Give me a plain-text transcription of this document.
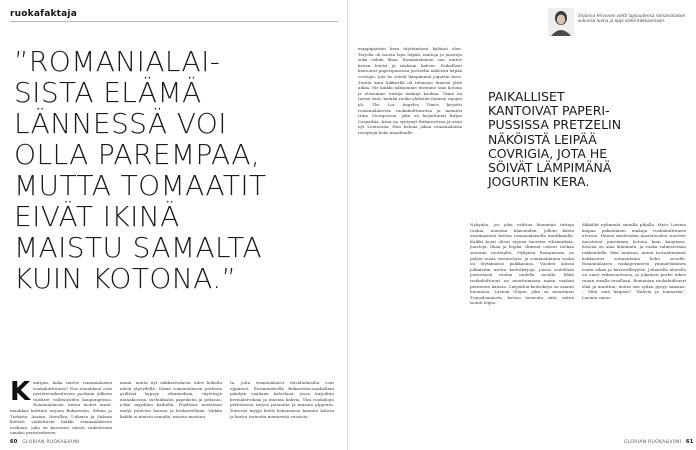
ruokafaktaja
”ROMANIALAI-
SISTA ELÄMÄ
LÄNNESSÄ VOI
OLLA PAREMPAA,
MUTTA TOMAATIT
EIVÄT IKINÄ
MAISTU SAMALTA
KUIN KOTONA.”
K äärijiin, kuka tuntee romanialaisen ruokakulttuurin? Nuo ennakkoat ovat perinteenikuuluvien parhaan jälkeen tulokset vallitsijoiden kaupungeissa. Romanialaisen, kuten monet muut, maukkaa keittiöä tarjoaa Bukarestin, Sibiun ja Turkista. Aasian, Itävallan, Unkarin ja Saksan keittiöt vaikuttavat kaikki romanialaiseen ruokaan, joka on kasvanut näistä vaikutteista omaksi perinteekseen.
maan, mutta nyt näkkarivalasta tulee kokeilu niistä ylpeydellä. Nämä romanialaisen perheen grillissä kypsyy vihanneksia, täytettyjä munakoisoja, mehukkaita paprikoita ja pekonia, jotka myydään kaduilla. Pöydässä nostetaan malja ystävien kanssa ja keskustellaan. Vaikka kaikki ei maistu samalta, muisto maistuu.
ta, joita romanialaiset itävaltalaisilta ovat oppineet. Ensimmäisellä Bukarestin-matkallani päädyin vanhaan kahvilaan, jossa tarjoiltiin kermaleivoksia ja mustaa kahvia. Yksi ruokakoju perheineen tarjosi pirsnoita ja mustaa pippuria. Toisessa myyjä keitti kokonaisen kannun kahvia ja kertoi tarinoita menneistä vuosista.
60 GLORIAN RUOKA&VIINI
Sirjanna Hirvonen vietti lapsuutensa romanialaisen sukunsa luona ja oppi siellä kokkaamaan.
mappipäiväin kera täyttämässä kylässä olen. Tarjolla oli monta lajia leipää, maitoja ja juustoja sekä vähän lihaa. Romanialainen suu tuntee kovan leivän ja makean kahvin. Paikalliset kantoivat paperipussissa pretzelin näköistä leipää covrigia, jota he söivät lämpimänä jogurtin kera. Tuntui kuin liikkeellä oli tuhansia ihmisiä yhtä aikaa. Me kaikki näkisimme itsemme taas kotona ja etsisimme tuttuja makuja kaukaa. Tämä on tarina siitä, kuinka ruoka yhdistää ihmisiä rajojen yli. The Los Angeles Times kirjoitti romanialaisesta ruokakulttuurista ja mainitsi Irina Georgescun, joka on kirjoittanut kirjan Carpathia. Irina on syntynyt Bukarestissa ja asuu nyt Lontoossa. Hän haluaa jakaa romanialaisia reseptejä koko maailmalle.
PAIKALLISET
KANTOIVAT PAPERI-
PUSSISSA PRETZELIN
NÄKÖISTÄ LEIPÄÄ
COVRIGIA, JOTA HE
SÖIVÄT LÄMPIMÄNÄ
JOGURTIN KERA.
Nykyään, jos joku valittaa liiemmän tuttuja ruokia, muistan tilaisuuden, jolloin kävin ensimmäistä kertaa romanialaisella markkinalla. Kaikki kojut olivat täynnä tuoreita vihanneksia, juustoja, lihaa ja leipää. Ihmiset ostivat ruokaa suoraan tuottajilta. Nykyisin Romaniassa on paljon uusia ravintoloita, ja romanialainen ruoka on löytämässä paikkaansa. Vuoden alussa julkaistiin useita keittokirjoja, joissa esitellään perinteisiä ruokia uudella tavalla. Ehkä ruokakulttuuri on muuttumassa maan vanhan perinteen kanssa. Carpathia-keittokirja on saanut huomiota. Lavinia Gligan, joka on muuttanut Transilvaniasta, kertoo tarinoita siitä, miten isoäiti leipoi.
dikkälät nylimmät smuilla pihalla. Myös Lavinia kaipaa pakastimen makuja ruokakulttuurin arvosta. Hänen mielestään maatalouden tuotteet maistuvat paremmin kotona kuin kaupassa. Kotona on aina lämmintä, ja ruoka valmistetaan rakkaudella. Hän muistaa, miten isovanhemmat kokkasivat sunnuntaina koko suvulle. Romanialaisen ruokaperinteen ymmärtäminen vaatii aikaa ja kärsivällisyyttä. Jokaisella alueella on omat erikoisuutensa, ja jokainen perhe tekee ruoan omalla tavallaan. Romanian ruokakulttuuri elää ja muuttuu, mutta sen sydän pysyy samana. – Mitä sinä kaipaat? ”Kahvia ja tomaattia”, Lavinia sanoo.
GLORIAN RUOKA&VIINI 61
